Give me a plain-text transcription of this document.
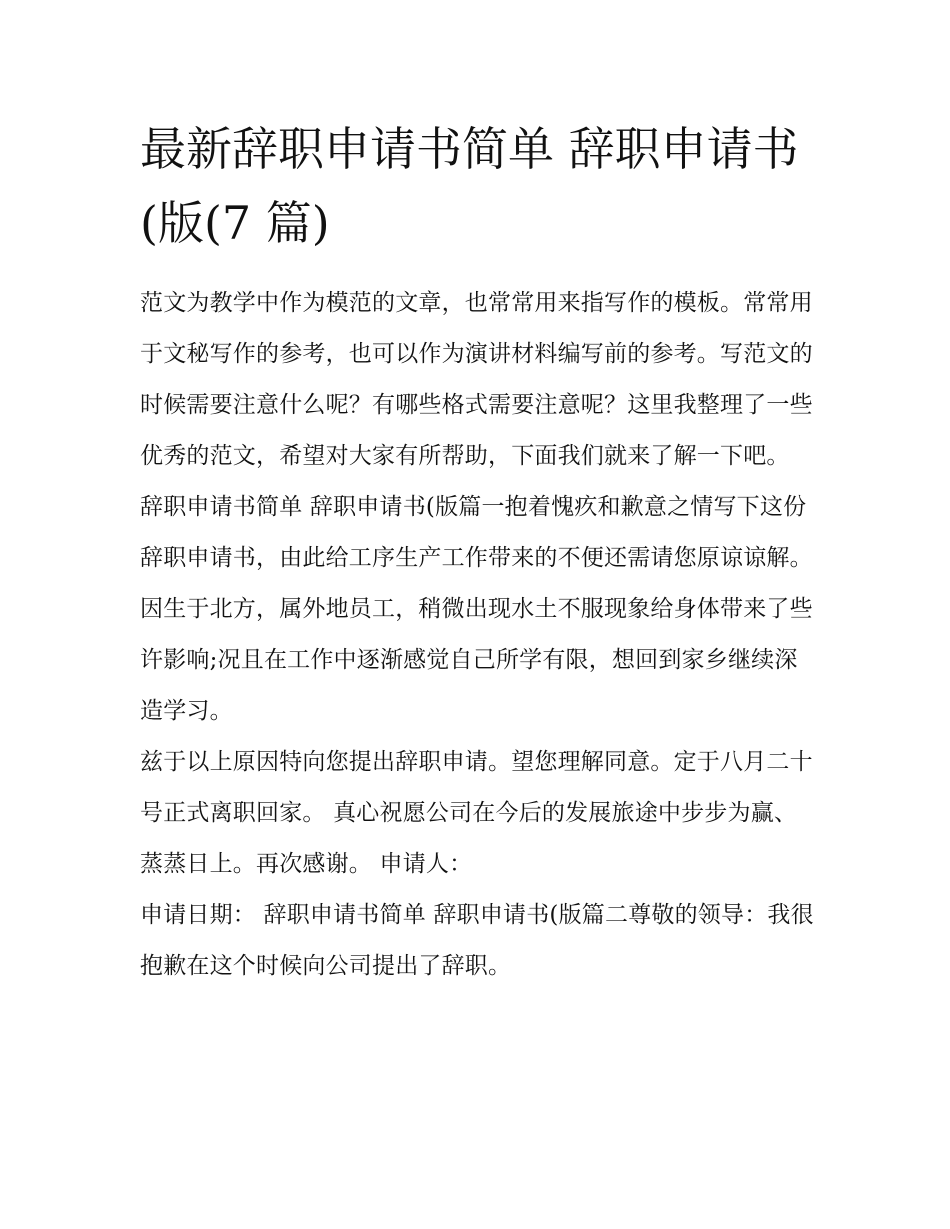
最新辞职申请书简单 辞职申请书(版(7 篇)

范文为教学中作为模范的文章，也常常用来指写作的模板。常常用于文秘写作的参考，也可以作为演讲材料编写前的参考。写范文的时候需要注意什么呢？有哪些格式需要注意呢？这里我整理了一些优秀的范文，希望对大家有所帮助，下面我们就来了解一下吧。

辞职申请书简单 辞职申请书(版篇一抱着愧疚和歉意之情写下这份辞职申请书，由此给工序生产工作带来的不便还需请您原谅谅解。

因生于北方，属外地员工，稍微出现水土不服现象给身体带来了些许影响;况且在工作中逐渐感觉自己所学有限，想回到家乡继续深造学习。

兹于以上原因特向您提出辞职申请。望您理解同意。定于八月二十号正式离职回家。 真心祝愿公司在今后的发展旅途中步步为赢、蒸蒸日上。再次感谢。 申请人：

申请日期： 辞职申请书简单 辞职申请书(版篇二尊敬的领导：我很抱歉在这个时候向公司提出了辞职。
